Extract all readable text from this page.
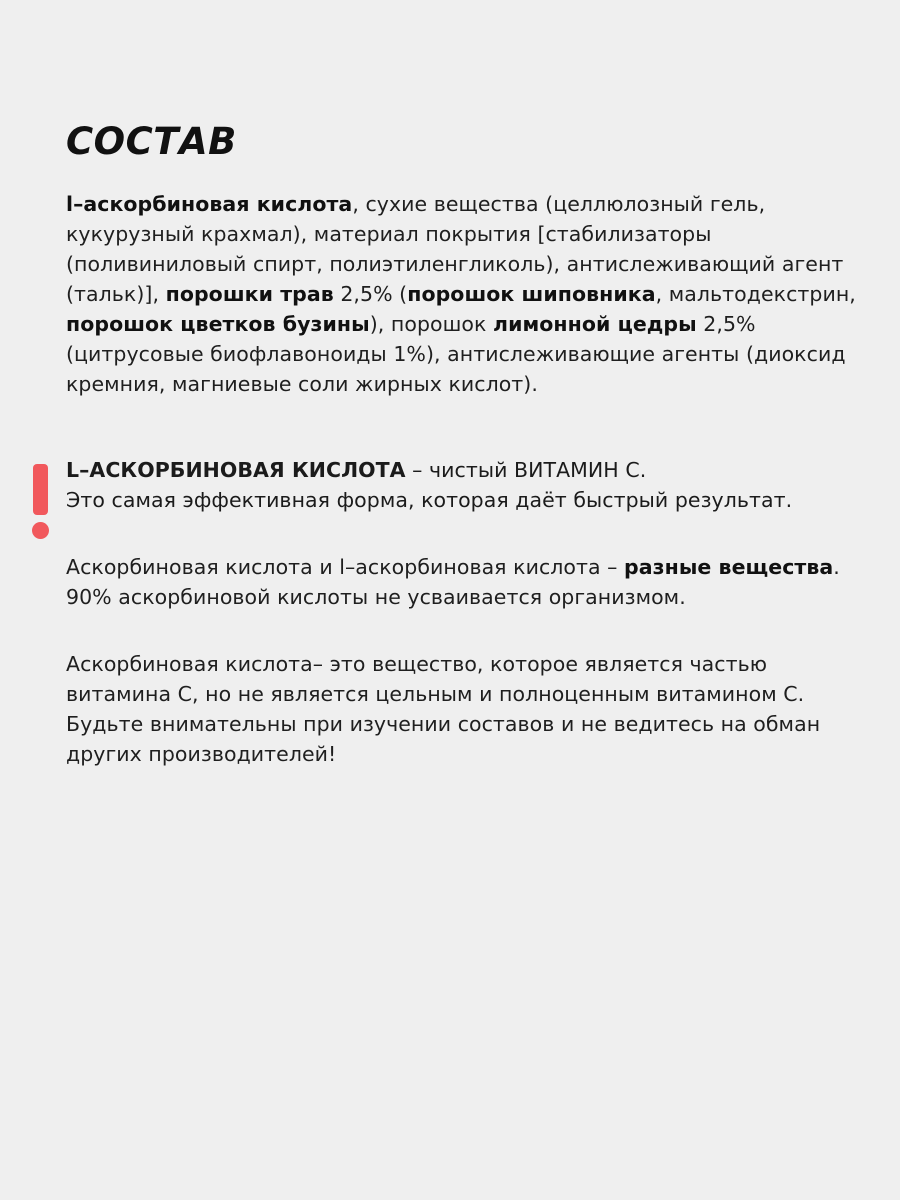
СОСТАВ

l–аскорбиновая кислота, сухие вещества (целлюлозный гель, кукурузный крахмал), материал покрытия [стабилизаторы (поливиниловый спирт, полиэтиленгликоль), антислеживающий агент (тальк)], порошки трав 2,5% (порошок шиповника, мальтодекстрин, порошок цветков бузины), порошок лимонной цедры 2,5% (цитрусовые биофлавоноиды 1%), антислеживающие агенты (диоксид кремния, магниевые соли жирных кислот).

L–АСКОРБИНОВАЯ КИСЛОТА – чистый ВИТАМИН С.
Это самая эффективная форма, которая даёт быстрый результат.

Аскорбиновая кислота и l–аскорбиновая кислота – разные вещества. 90% аскорбиновой кислоты не усваивается организмом.

Аскорбиновая кислота– это вещество, которое является частью витамина С, но не является цельным и полноценным витамином С.
Будьте внимательны при изучении составов и не ведитесь на обман других производителей!
